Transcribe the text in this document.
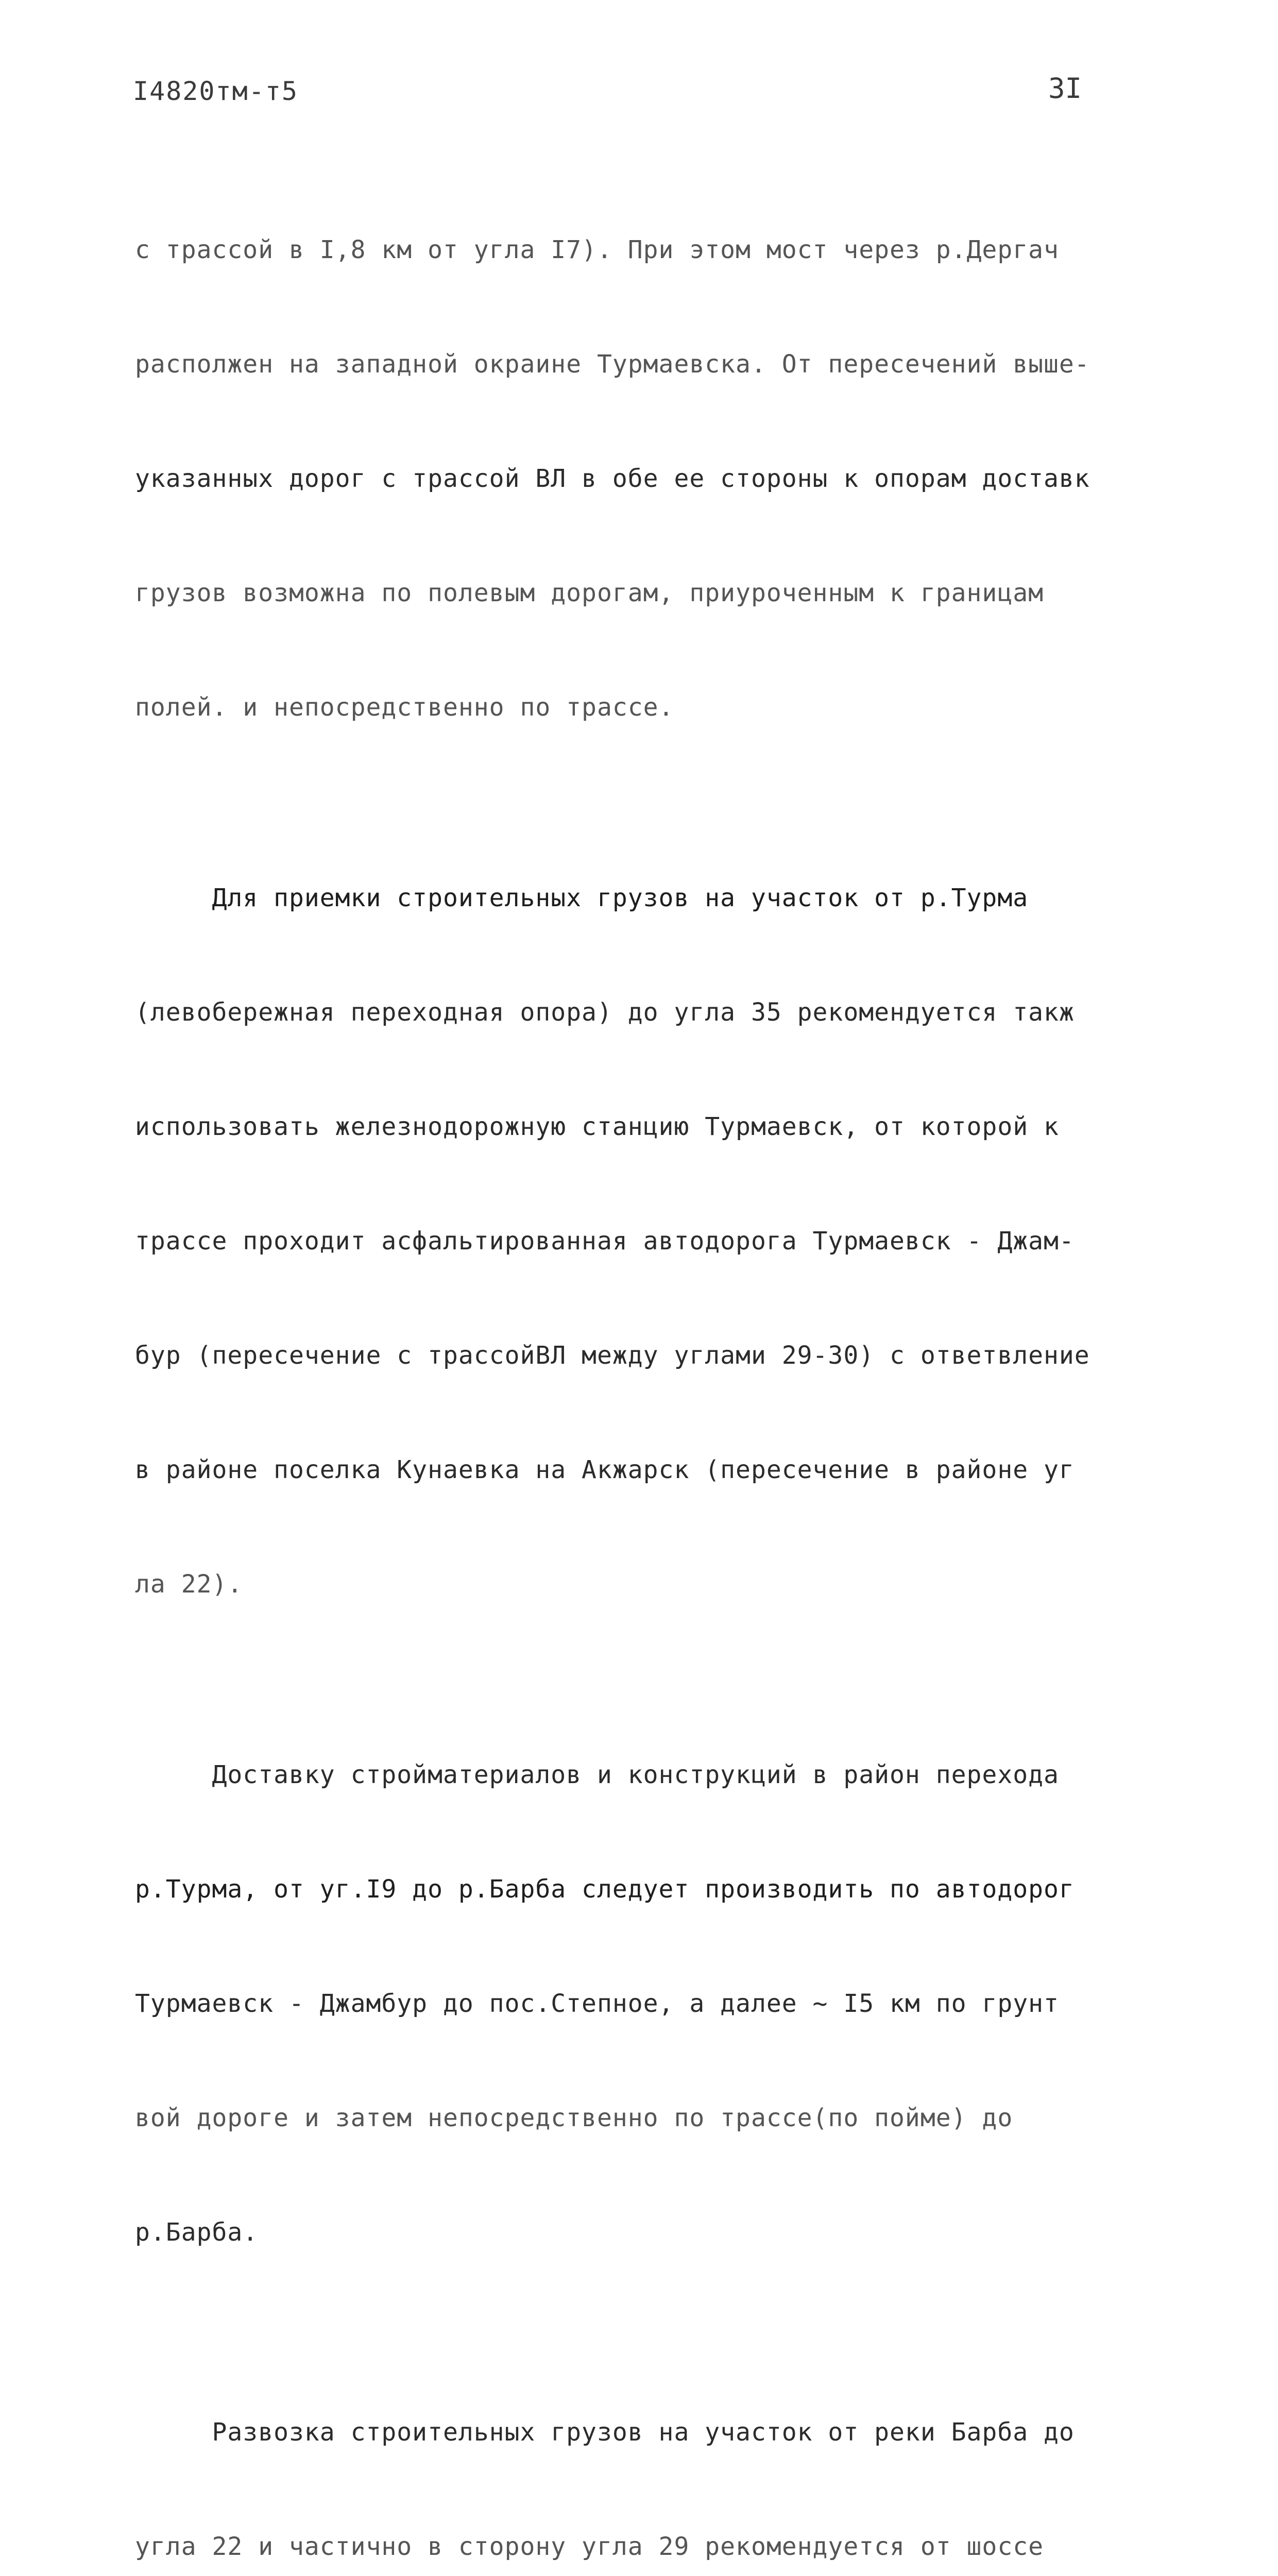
I4820тм-т5	3I

с трассой в I,8 км от угла I7). При этом мост через р.Дергач

располжен на западной окраине Турмаевска. От пересечений выше-

указанных дорог с трассой ВЛ в обе ее стороны к опорам доставк

грузов возможна по полевым дорогам, приуроченным к границам

полей. и непосредственно по трассе.

Для приемки строительных грузов на участок от р.Турма

(левобережная переходная опора) до угла 35 рекомендуется такж

использовать железнодорожную станцию Турмаевск, от которой к

трассе проходит асфальтированная автодорога Турмаевск - Джам-

бур (пересечение с трассойВЛ между углами 29-30) с ответвление

в районе поселка Кунаевка на Акжарск (пересечение в районе уг

ла 22).

Доставку стройматериалов и конструкций в район перехода

р.Турма, от уг.I9 до р.Барба следует производить по автодорог

Турмаевск - Джамбур до пос.Степное, а далее ~ I5 км по грунт

вой дороге и затем непосредственно по трассе(по пойме) до

р.Барба.

Развозка строительных грузов на участок от реки Барба до

угла 22 и частично в сторону угла 29 рекомендуется от шоссе
